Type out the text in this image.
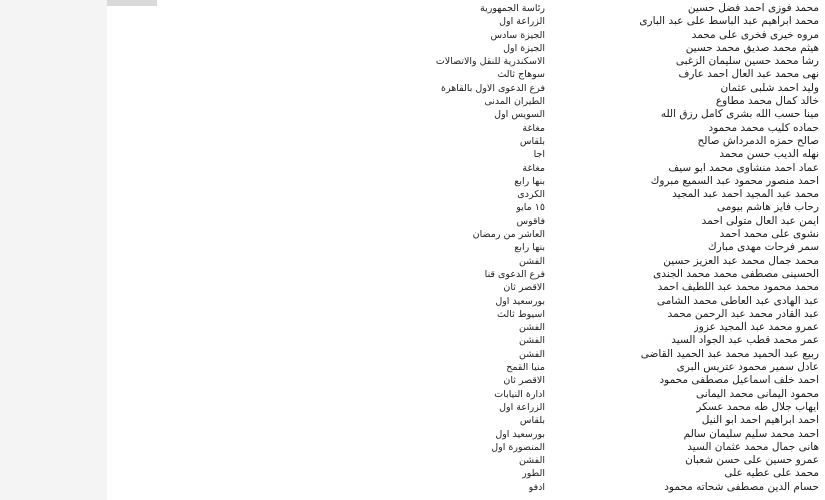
محمد فوزى احمد فضل حسين
رئاسة الجمهورية
محمد ابراهيم عبد الباسط على عبد البارى
الزراعة اول
مروه خيرى فخرى على محمد
الجيزة سادس
هيثم محمد صديق محمد حسين
الجيزة اول
رشا محمد حسين سليمان الزغبى
الاسكندرية للنقل والاتصالات
نهى محمد عبد العال احمد عارف
سوهاج ثالث
وليد احمد شلبى عثمان
فرع الدعوى الاول بالقاهرة
خالد كمال محمد مطاوع
الطيران المدنى
مينا حسب الله بشرى كامل رزق الله
السويس اول
حماده كليب محمد محمود
مغاغة
صالح حمزه الدمرداش صالح
بلقاس
نهله الديب حسن محمد
اجا
عماد احمد منشاوى محمد ابو سيف
مغاغة
احمد منصور محمود عبد السميع مبروك
بنها رابع
محمد عبد المجيد احمد عبد المجيد
الكردى
رحاب فايز هاشم بيومى
١٥ مايو
ايمن عبد العال متولى احمد
فاقوس
نشوى على محمد احمد
العاشر من رمضان
سمر فرحات مهدى مبارك
بنها رابع
محمد جمال محمد عبد العزيز حسين
الفشن
الحسينى مصطفى محمد محمد الجندى
فرع الدعوى قنا
محمد محمود محمد عبد اللطيف احمد
الاقصر ثان
عبد الهادى عبد العاطى محمد الشامى
بورسعيد اول
عبد القادر محمد عبد الرحمن محمد
اسيوط ثالث
عمرو محمد عبد المجيد عزوز
الفشن
عمر محمد قطب عبد الجواد السيد
الفشن
ربيع عبد الحميد محمد عبد الحميد القاضى
الفشن
عادل سمير محمود عتريس البرى
منيا القمح
احمد خلف اسماعيل مصطفى محمود
الاقصر ثان
محمود اليمانى محمد اليمانى
ادارة النيابات
ايهاب جلال طه محمد عسكر
الزراعة اول
احمد ابراهيم احمد ابو النيل
بلقاس
احمد محمد سليم سليمان سالم
بورسعيد اول
هانى جمال محمد عثمان السيد
المنصورة اول
عمرو حسين على حسن شعبان
الفشن
محمد على عطيه على
الطور
حسام الدين مصطفى شحاته محمود
ادفو
